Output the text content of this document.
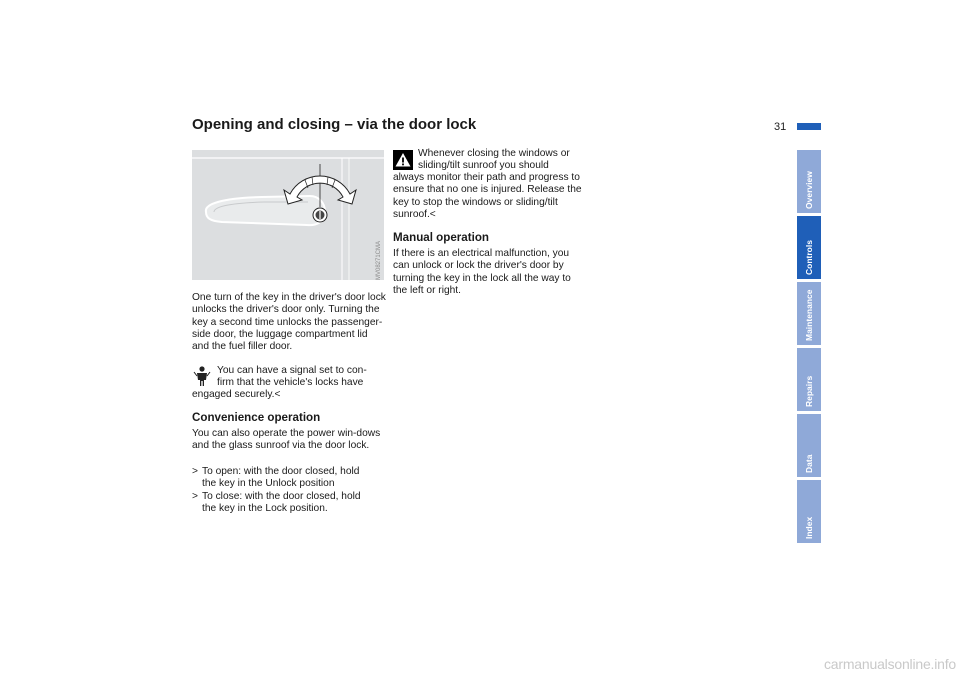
Opening and closing – via the door lock	31
MV08271CMA
One turn of the key in the driver's door lock unlocks the driver's door only. Turning the key a second time unlocks the passenger-side door, the luggage compartment lid and the fuel filler door.
You can have a signal set to con-
firm that the vehicle's locks have
engaged securely.<
Convenience operation
You can also operate the power win-dows and the glass sunroof via the door lock.
> To open: with the door closed, hold
the key in the Unlock position
> To close: with the door closed, hold
the key in the Lock position.
Whenever closing the windows or
sliding/tilt sunroof you should
always monitor their path and progress to ensure that no one is injured. Release the key to stop the windows or sliding/tilt sunroof.<
Manual operation
If there is an electrical malfunction, you can unlock or lock the driver's door by turning the key in the lock all the way to the left or right.
Overview
Controls
Maintenance
Repairs
Data
Index
carmanualsonline.info
